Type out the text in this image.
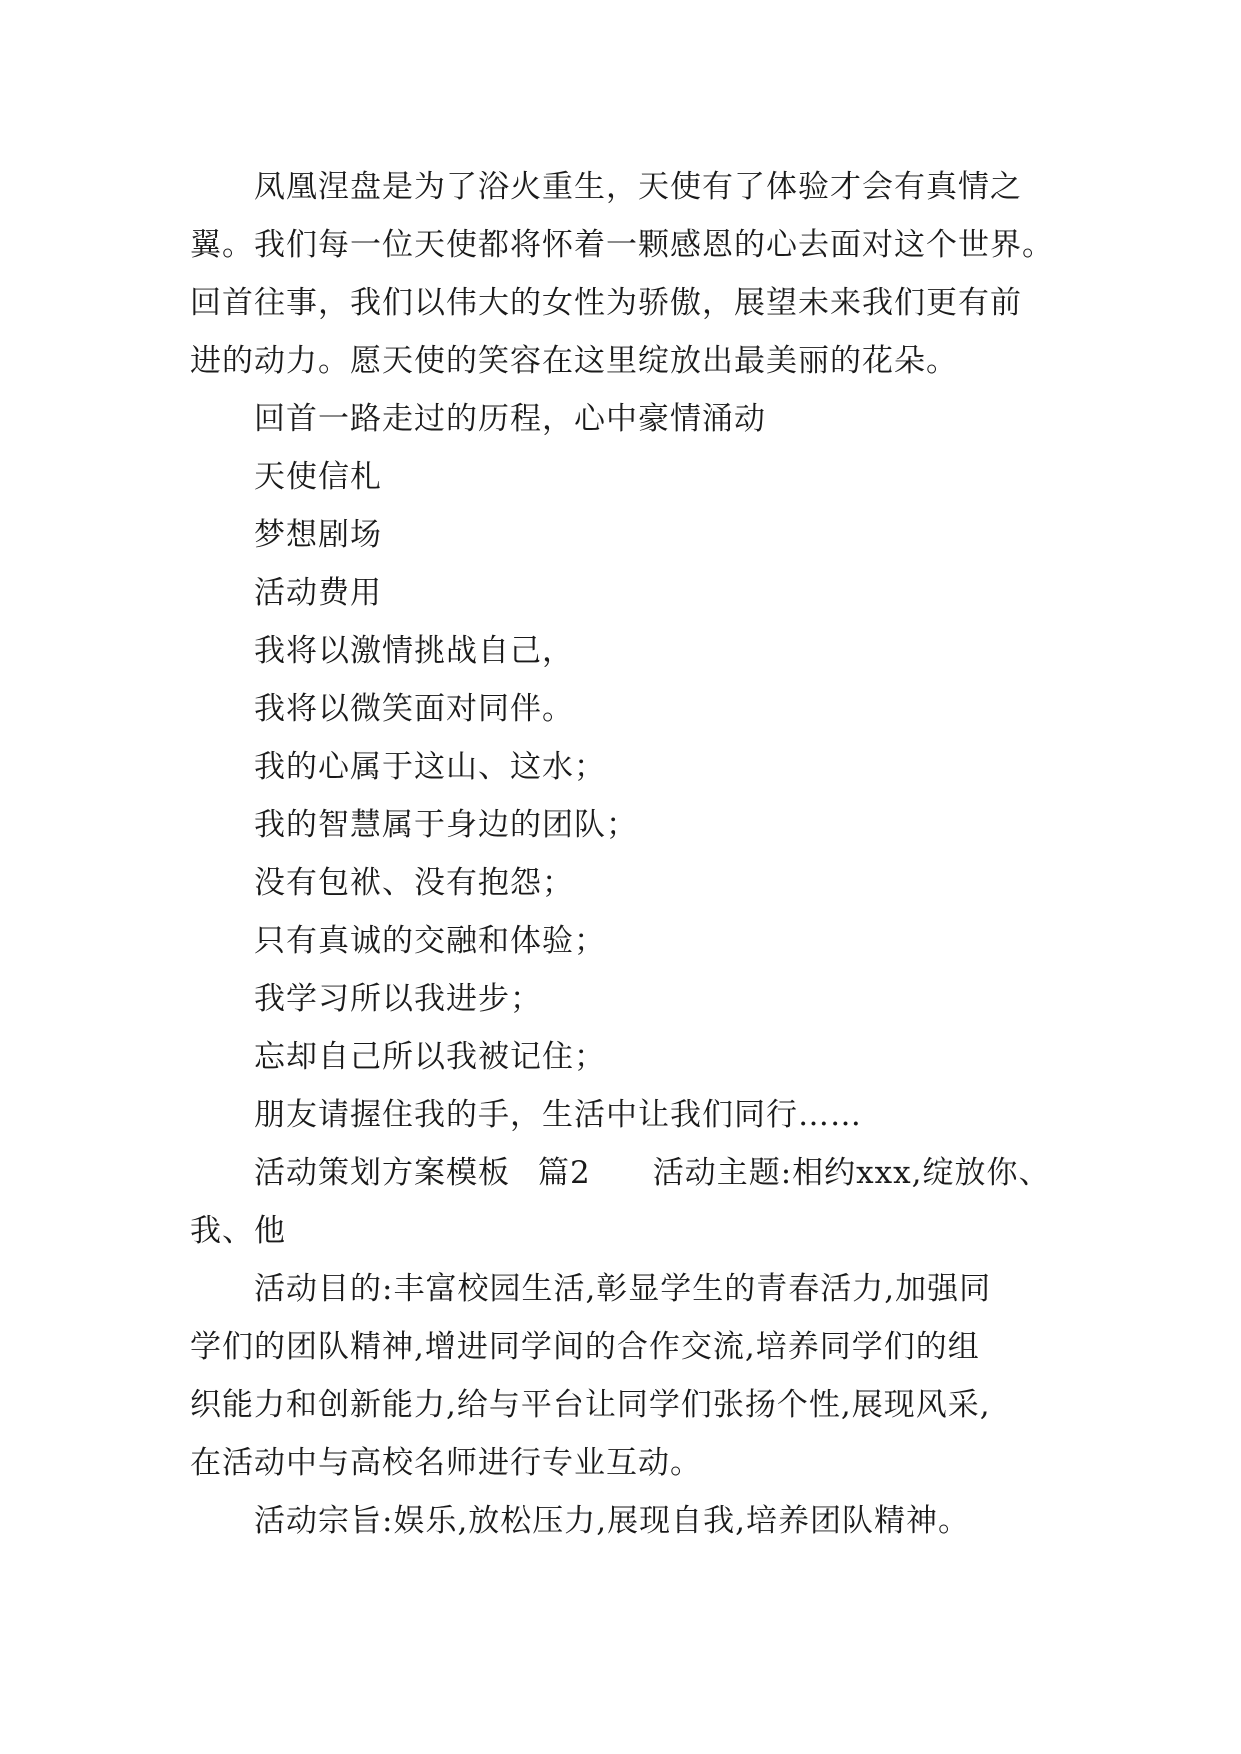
凤凰涅盘是为了浴火重生，天使有了体验才会有真情之
翼。我们每一位天使都将怀着一颗感恩的心去面对这个世界。
回首往事，我们以伟大的女性为骄傲，展望未来我们更有前
进的动力。愿天使的笑容在这里绽放出最美丽的花朵。
回首一路走过的历程，心中豪情涌动
天使信札
梦想剧场
活动费用
我将以激情挑战自己，
我将以微笑面对同伴。
我的心属于这山、这水；
我的智慧属于身边的团队；
没有包袱、没有抱怨；
只有真诚的交融和体验；
我学习所以我进步；
忘却自己所以我被记住；
朋友请握住我的手，生活中让我们同行……
活动策划方案模板 篇2 活动主题:相约xxx,绽放你、
我、他
活动目的:丰富校园生活,彰显学生的青春活力,加强同
学们的团队精神,增进同学间的合作交流,培养同学们的组
织能力和创新能力,给与平台让同学们张扬个性,展现风采,
在活动中与高校名师进行专业互动。
活动宗旨:娱乐,放松压力,展现自我,培养团队精神。
